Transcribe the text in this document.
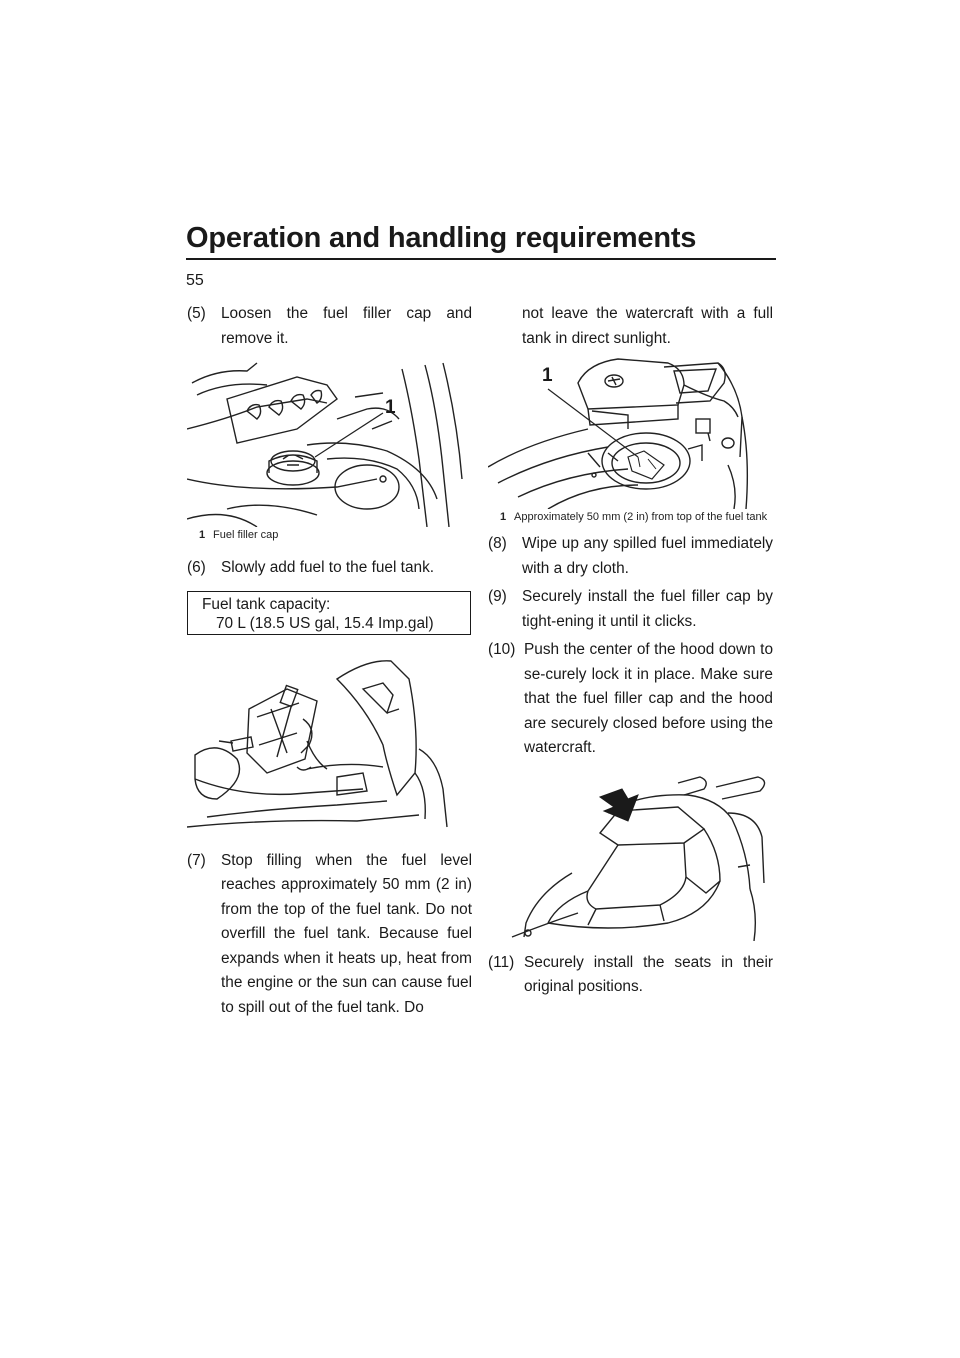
Operation and handling requirements
55

(5) Loosen the fuel filler cap and remove it.

1

1 Fuel filler cap

(6) Slowly add fuel to the fuel tank.

Fuel tank capacity:
70 L (18.5 US gal, 15.4 Imp.gal)

(7) Stop filling when the fuel level reaches approximately 50 mm (2 in) from the top of the fuel tank. Do not overfill the fuel tank. Because fuel expands when it heats up, heat from the engine or the sun can cause fuel to spill out of the fuel tank. Do

not leave the watercraft with a full tank in direct sunlight.

1

1 Approximately 50 mm (2 in) from top of the fuel tank

(8) Wipe up any spilled fuel immediately with a dry cloth.

(9) Securely install the fuel filler cap by tight-ening it until it clicks.

(10) Push the center of the hood down to se-curely lock it in place. Make sure that the fuel filler cap and the hood are securely closed before using the watercraft.

(11) Securely install the seats in their original positions.
